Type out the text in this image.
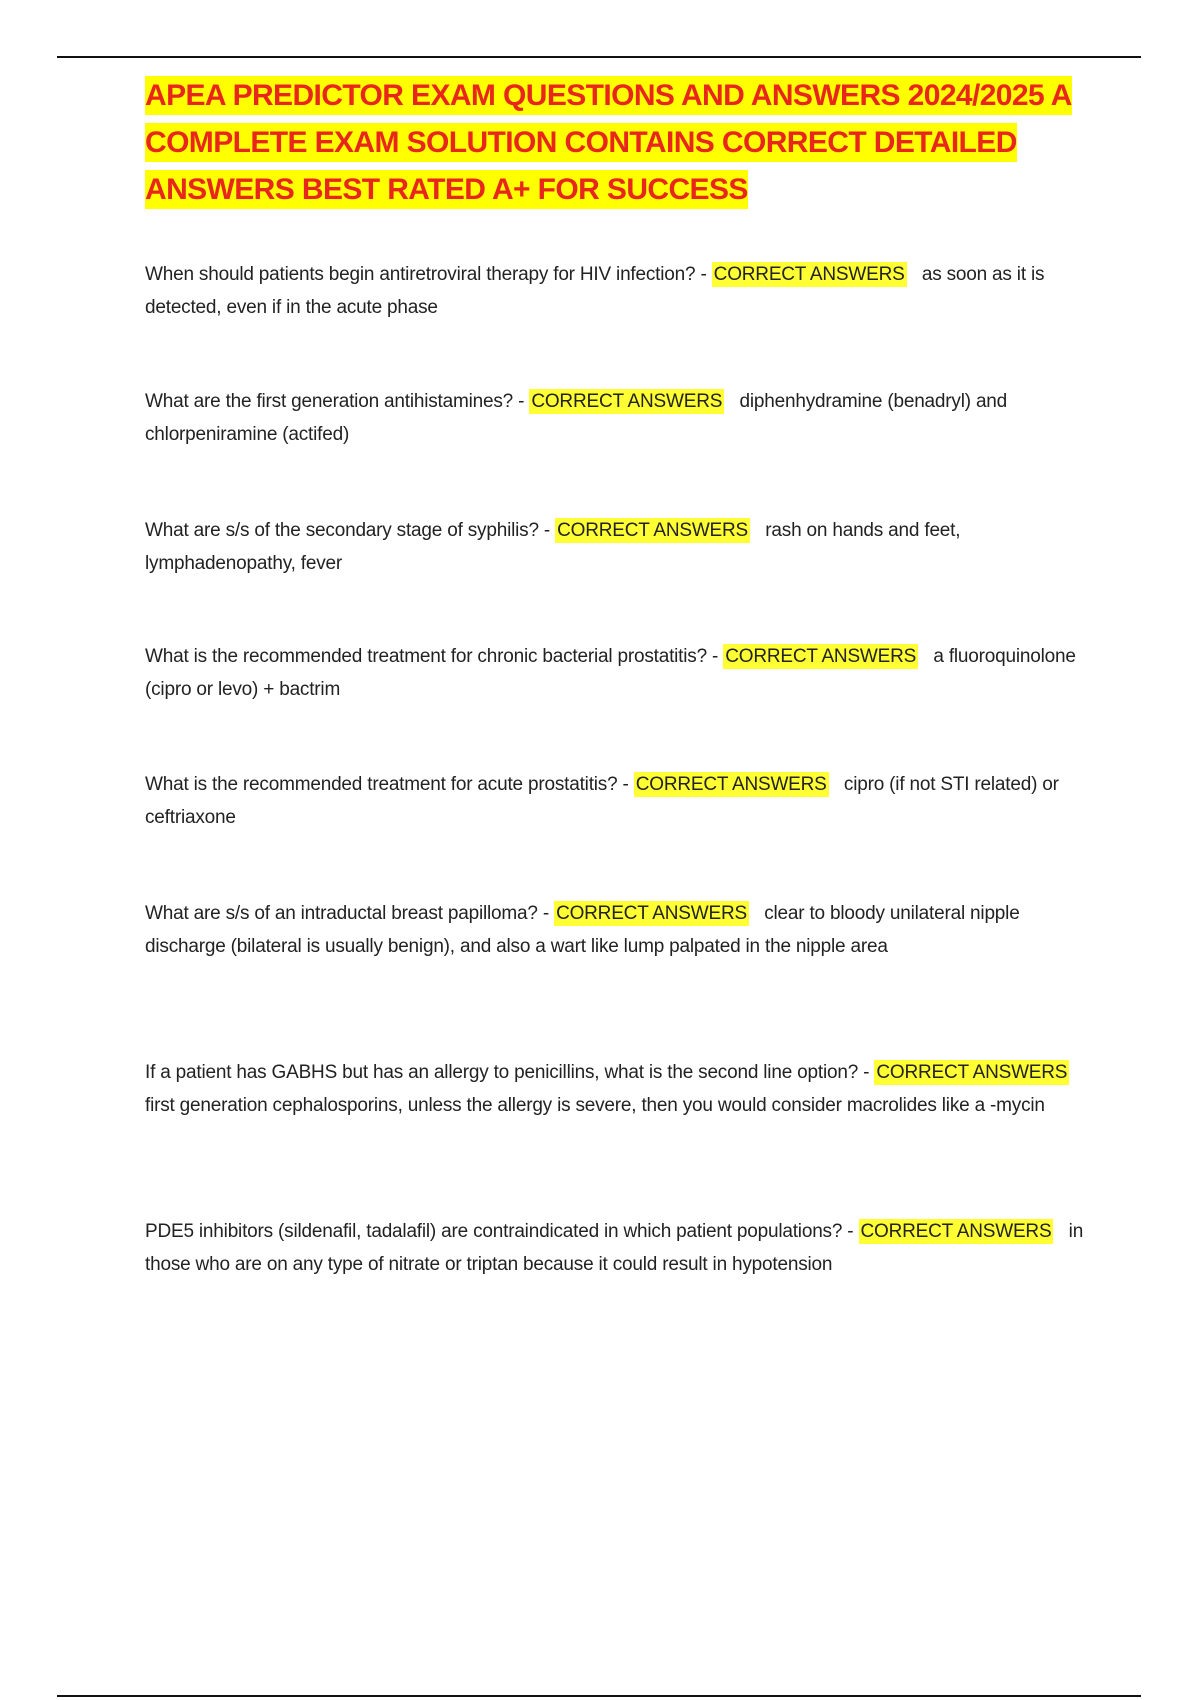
APEA PREDICTOR EXAM QUESTIONS AND ANSWERS 2024/2025 A COMPLETE EXAM SOLUTION CONTAINS CORRECT DETAILED ANSWERS BEST RATED A+ FOR SUCCESS
When should patients begin antiretroviral therapy for HIV infection? - CORRECT ANSWERS as soon as it is detected, even if in the acute phase
What are the first generation antihistamines? - CORRECT ANSWERS diphenhydramine (benadryl) and chlorpeniramine (actifed)
What are s/s of the secondary stage of syphilis? - CORRECT ANSWERS rash on hands and feet, lymphadenopathy, fever
What is the recommended treatment for chronic bacterial prostatitis? - CORRECT ANSWERS a fluoroquinolone (cipro or levo) + bactrim
What is the recommended treatment for acute prostatitis? - CORRECT ANSWERS cipro (if not STI related) or ceftriaxone
What are s/s of an intraductal breast papilloma? - CORRECT ANSWERS clear to bloody unilateral nipple discharge (bilateral is usually benign), and also a wart like lump palpated in the nipple area
If a patient has GABHS but has an allergy to penicillins, what is the second line option? - CORRECT ANSWERS   first generation cephalosporins, unless the allergy is severe, then you would consider macrolides like a -mycin
PDE5 inhibitors (sildenafil, tadalafil) are contraindicated in which patient populations? - CORRECT ANSWERS in those who are on any type of nitrate or triptan because it could result in hypotension
